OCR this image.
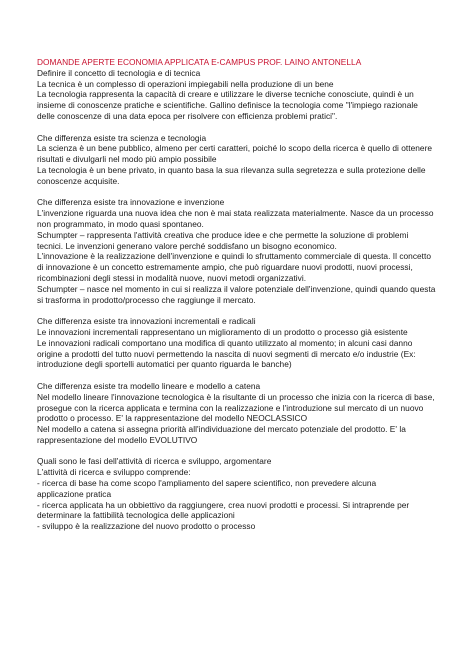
DOMANDE APERTE ECONOMIA APPLICATA E-CAMPUS PROF. LAINO ANTONELLA
Definire il concetto di tecnologia e di tecnica
La tecnica è un complesso di operazioni impiegabili nella produzione di un bene
La tecnologia rappresenta la capacità di creare e utilizzare le diverse tecniche conosciute, quindi è un
insieme di conoscenze pratiche e scientifiche. Gallino definisce la tecnologia come "l'impiego razionale
delle conoscenze di una data epoca per risolvere con efficienza problemi pratici".
Che differenza esiste tra scienza e tecnologia
La scienza è un bene pubblico, almeno per certi caratteri, poiché lo scopo della ricerca è quello di ottenere
risultati e divulgarli nel modo più ampio possibile
La tecnologia è un bene privato, in quanto basa la sua rilevanza sulla segretezza e sulla protezione delle
conoscenze acquisite.
Che differenza esiste tra innovazione e invenzione
L'invenzione riguarda una nuova idea che non è mai stata realizzata materialmente. Nasce da un processo
non programmato, in modo quasi spontaneo.
Schumpter – rappresenta l'attività creativa che produce idee e che permette la soluzione di problemi
tecnici. Le invenzioni generano valore perché soddisfano un bisogno economico.
L'innovazione è la realizzazione dell'invenzione e quindi lo sfruttamento commerciale di questa. Il concetto
di innovazione è un concetto estremamente ampio, che può riguardare nuovi prodotti, nuovi processi,
ricombinazioni degli stessi in modalità nuove, nuovi metodi organizzativi.
Schumpter – nasce nel momento in cui si realizza il valore potenziale dell'invenzione, quindi quando questa
si trasforma in prodotto/processo che raggiunge il mercato.
Che differenza esiste tra innovazioni incrementali e radicali
Le innovazioni incrementali rappresentano un miglioramento di un prodotto o processo già esistente
Le innovazioni radicali comportano una modifica di quanto utilizzato al momento; in alcuni casi danno
origine a prodotti del tutto nuovi permettendo la nascita di nuovi segmenti di mercato e/o industrie (Ex:
introduzione degli sportelli automatici per quanto riguarda le banche)
Che differenza esiste tra modello lineare e modello a catena
Nel modello lineare l'innovazione tecnologica è la risultante di un processo che inizia con la ricerca di base,
prosegue con la ricerca applicata e termina con la realizzazione e l'introduzione sul mercato di un nuovo
prodotto o processo. E' la rappresentazione del modello NEOCLASSICO
Nel modello a catena si assegna priorità all'individuazione del mercato potenziale del prodotto. E' la
rappresentazione del modello EVOLUTIVO
Quali sono le fasi dell'attività di ricerca e sviluppo, argomentare
L'attività di ricerca e sviluppo comprende:
- ricerca di base ha come scopo l'ampliamento del sapere scientifico, non prevedere alcuna
applicazione pratica
- ricerca applicata ha un obbiettivo da raggiungere, crea nuovi prodotti e processi. Si intraprende per
determinare la fattibilità tecnologica delle applicazioni
- sviluppo è la realizzazione del nuovo prodotto o processo
